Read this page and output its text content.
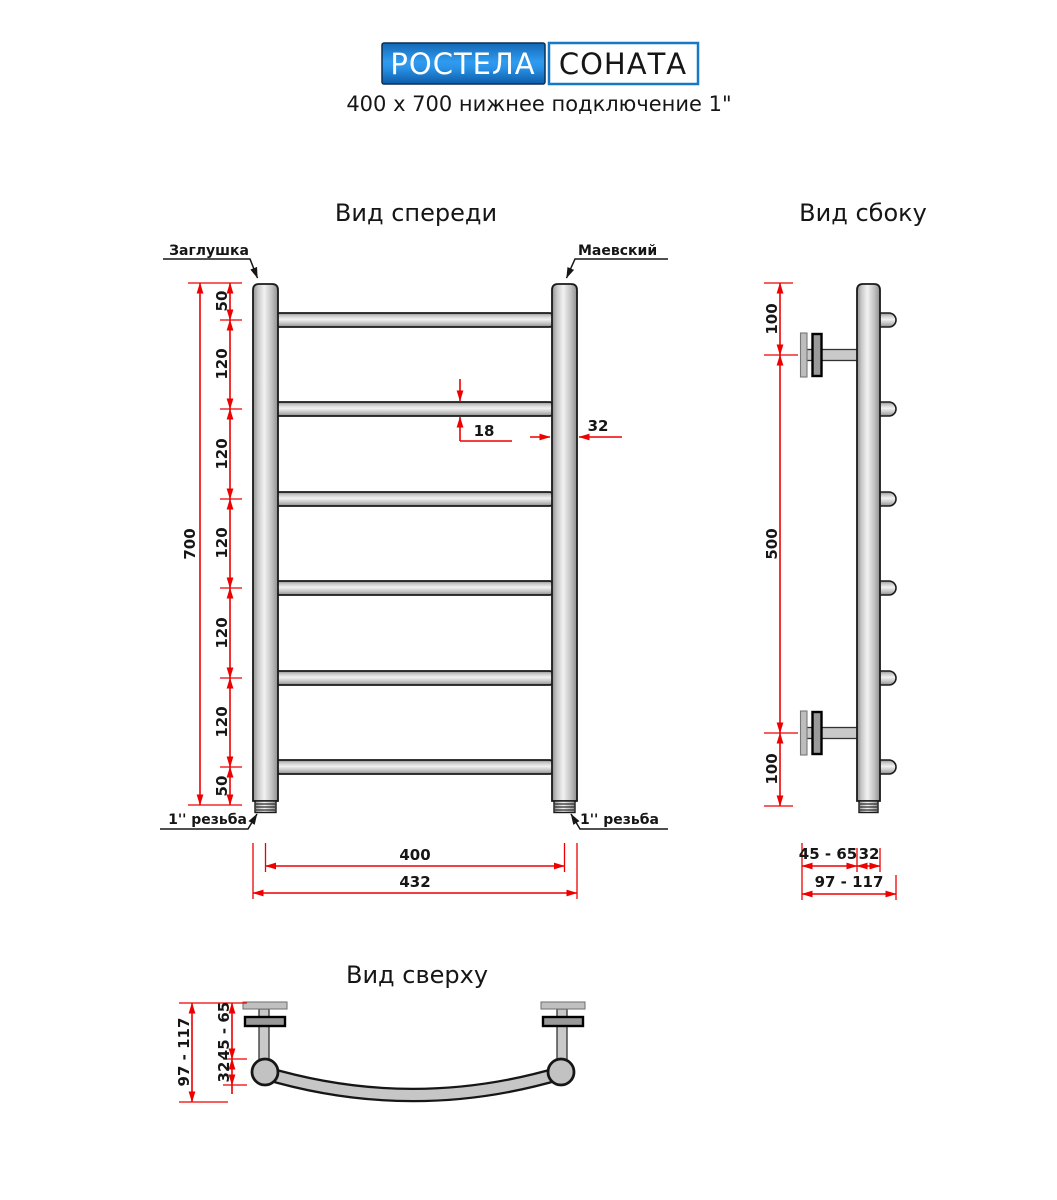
РОСТЕЛА СОНАТА
400 х 700 нижнее подключение 1"
Вид спереди
Заглушка	Маевский
1'' резьба	1'' резьба
700
50
120
120
120
120
120
50
18	32
400
432
Вид сбоку
100
500
100
45 - 65 32
97 - 117
Вид сверху
97 - 117 45 - 65
32
